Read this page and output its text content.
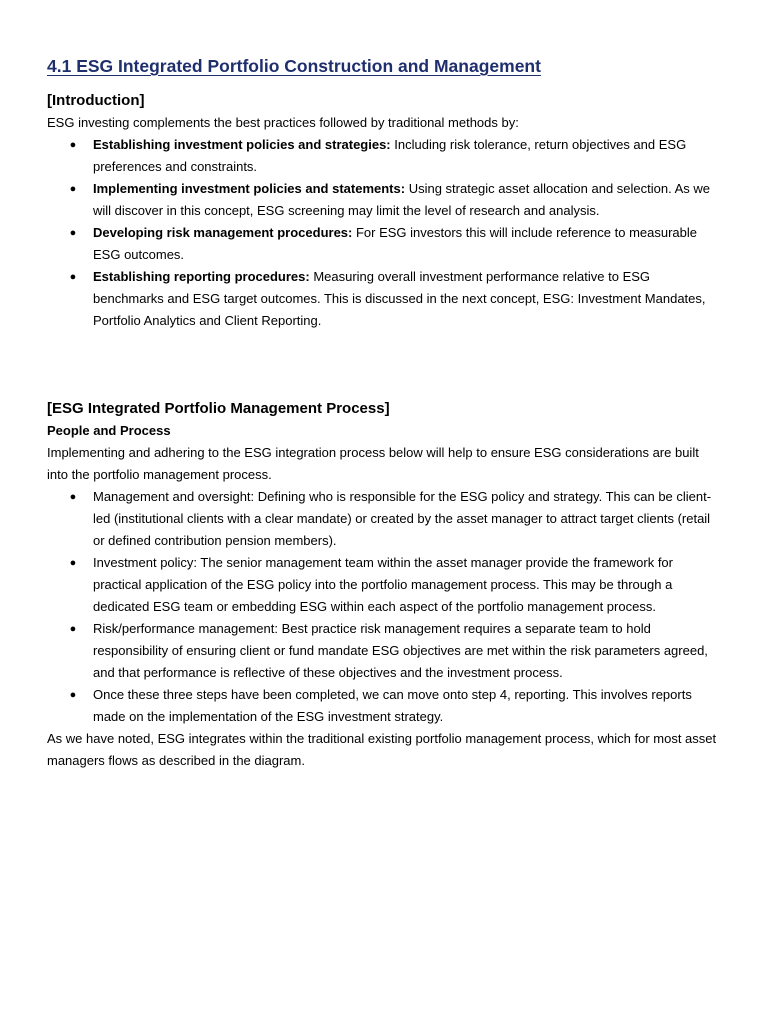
4.1 ESG Integrated Portfolio Construction and Management
[Introduction]

ESG investing complements the best practices followed by traditional methods by:

● Establishing investment policies and strategies: Including risk tolerance, return objectives and ESG preferences and constraints.
● Implementing investment policies and statements: Using strategic asset allocation and selection. As we will discover in this concept, ESG screening may limit the level of research and analysis.
● Developing risk management procedures: For ESG investors this will include reference to measurable ESG outcomes.
● Establishing reporting procedures: Measuring overall investment performance relative to ESG benchmarks and ESG target outcomes. This is discussed in the next concept, ESG: Investment Mandates, Portfolio Analytics and Client Reporting.
[ESG Integrated Portfolio Management Process]

People and Process

Implementing and adhering to the ESG integration process below will help to ensure ESG considerations are built into the portfolio management process.

● Management and oversight: Defining who is responsible for the ESG policy and strategy. This can be client-led (institutional clients with a clear mandate) or created by the asset manager to attract target clients (retail or defined contribution pension members).
● Investment policy: The senior management team within the asset manager provide the framework for practical application of the ESG policy into the portfolio management process. This may be through a dedicated ESG team or embedding ESG within each aspect of the portfolio management process.
● Risk/performance management: Best practice risk management requires a separate team to hold responsibility of ensuring client or fund mandate ESG objectives are met within the risk parameters agreed, and that performance is reflective of these objectives and the investment process.
● Once these three steps have been completed, we can move onto step 4, reporting. This involves reports made on the implementation of the ESG investment strategy.

As we have noted, ESG integrates within the traditional existing portfolio management process, which for most asset managers flows as described in the diagram.
